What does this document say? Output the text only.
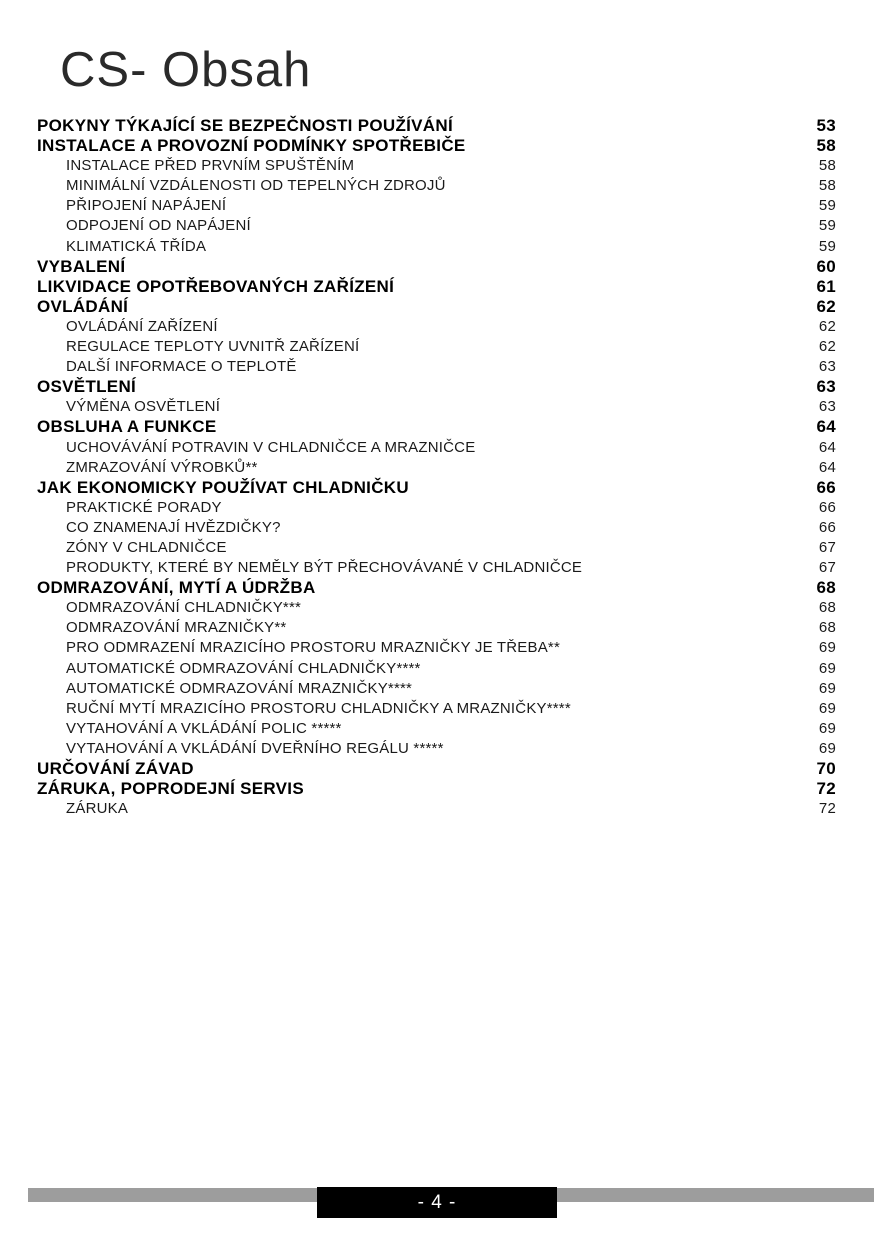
CS- Obsah
POKYNY TÝKAJÍCÍ SE BEZPEČNOSTI POUŽÍVÁNÍ	53
INSTALACE A PROVOZNÍ PODMÍNKY SPOTŘEBIČE	58
INSTALACE PŘED PRVNÍM SPUŠTĚNÍM	58
MINIMÁLNÍ VZDÁLENOSTI OD TEPELNÝCH ZDROJŮ	58
PŘIPOJENÍ NAPÁJENÍ	59
ODPOJENÍ OD NAPÁJENÍ	59
KLIMATICKÁ TŘÍDA	59
VYBALENÍ	60
LIKVIDACE OPOTŘEBOVANÝCH ZAŘÍZENÍ	61
OVLÁDÁNÍ	62
OVLÁDÁNÍ ZAŘÍZENÍ	62
REGULACE TEPLOTY UVNITŘ ZAŘÍZENÍ	62
DALŠÍ INFORMACE O TEPLOTĚ	63
OSVĚTLENÍ	63
VÝMĚNA OSVĚTLENÍ	63
OBSLUHA A FUNKCE	64
UCHOVÁVÁNÍ POTRAVIN V CHLADNIČCE A MRAZNIČCE	64
ZMRAZOVÁNÍ VÝROBKŮ**	64
JAK EKONOMICKY POUŽÍVAT CHLADNIČKU	66
PRAKTICKÉ PORADY	66
CO ZNAMENAJÍ HVĚZDIČKY?	66
ZÓNY V CHLADNIČCE	67
PRODUKTY, KTERÉ BY NEMĚLY BÝT PŘECHOVÁVANÉ V CHLADNIČCE	67
ODMRAZOVÁNÍ, MYTÍ A ÚDRŽBA	68
ODMRAZOVÁNÍ CHLADNIČKY***	68
ODMRAZOVÁNÍ MRAZNIČKY**	68
PRO ODMRAZENÍ MRAZICÍHO PROSTORU MRAZNIČKY JE TŘEBA**	69
AUTOMATICKÉ ODMRAZOVÁNÍ CHLADNIČKY****	69
AUTOMATICKÉ ODMRAZOVÁNÍ MRAZNIČKY****	69
RUČNÍ MYTÍ MRAZICÍHO PROSTORU CHLADNIČKY A MRAZNIČKY****	69
VYTAHOVÁNÍ A VKLÁDÁNÍ POLIC *****	69
VYTAHOVÁNÍ A VKLÁDÁNÍ DVEŘNÍHO REGÁLU *****	69
URČOVÁNÍ ZÁVAD	70
ZÁRUKA, POPRODEJNÍ SERVIS	72
ZÁRUKA	72
- 4 -
